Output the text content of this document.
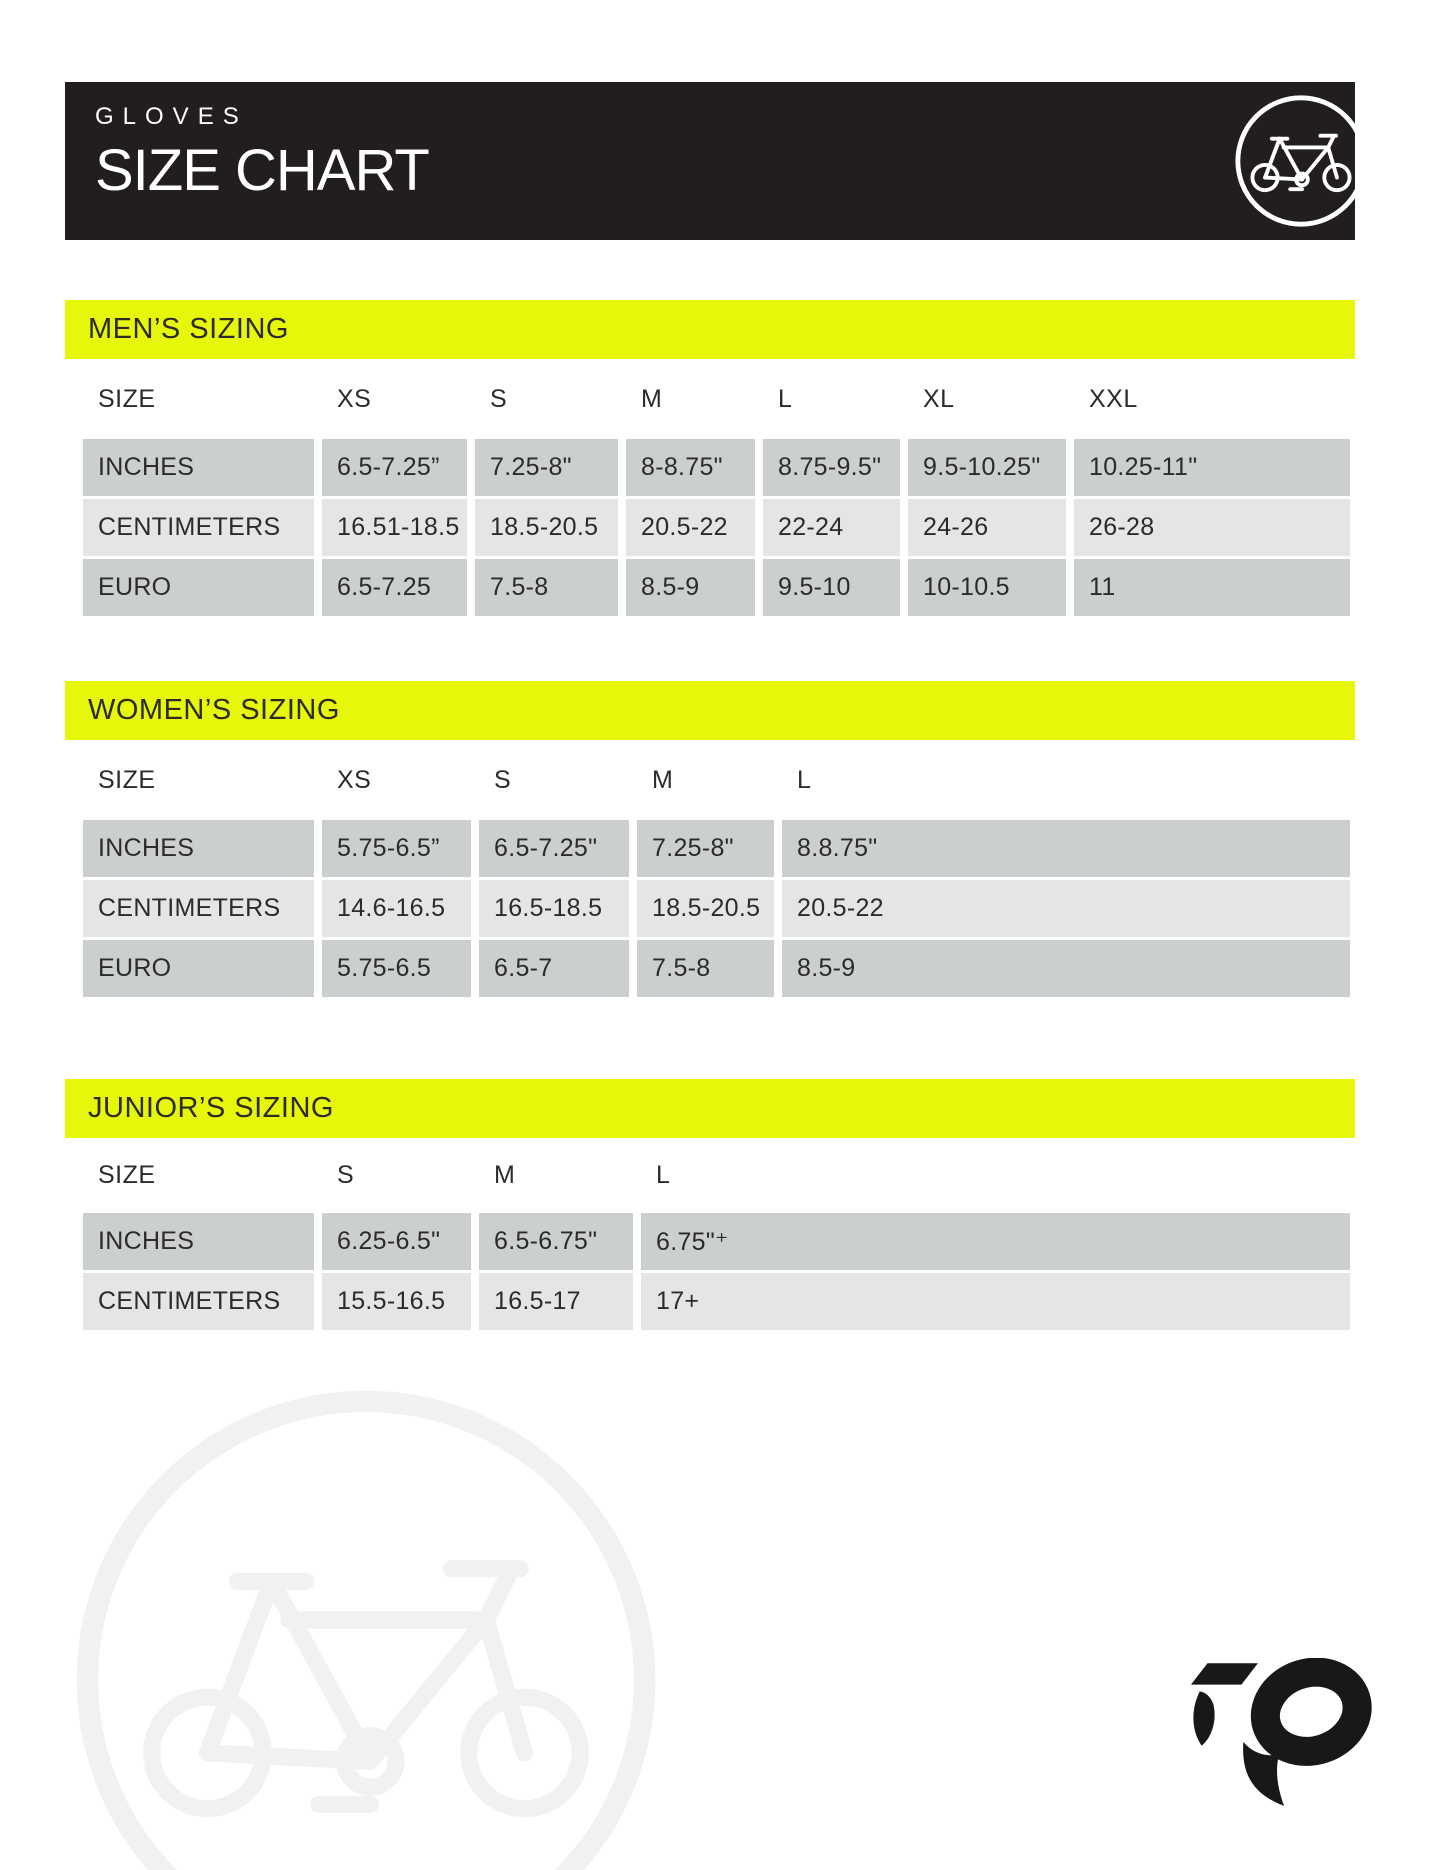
GLOVES
SIZE CHART
MEN’S SIZING
SIZE	XS	S	M	L	XL	XXL
INCHES	6.5-7.25”	7.25-8"	8-8.75"	8.75-9.5"	9.5-10.25"	10.25-11"
CENTIMETERS	16.51-18.5	18.5-20.5	20.5-22	22-24	24-26	26-28
EURO	6.5-7.25	7.5-8	8.5-9	9.5-10	10-10.5	11
WOMEN’S SIZING
SIZE	XS	S	M	L
INCHES	5.75-6.5”	6.5-7.25"	7.25-8"	8.8.75"
CENTIMETERS	14.6-16.5	16.5-18.5	18.5-20.5	20.5-22
EURO	5.75-6.5	6.5-7	7.5-8	8.5-9
JUNIOR’S SIZING
SIZE	S	M	L
INCHES	6.25-6.5"	6.5-6.75"	6.75"⁺
CENTIMETERS	15.5-16.5	16.5-17	17+
